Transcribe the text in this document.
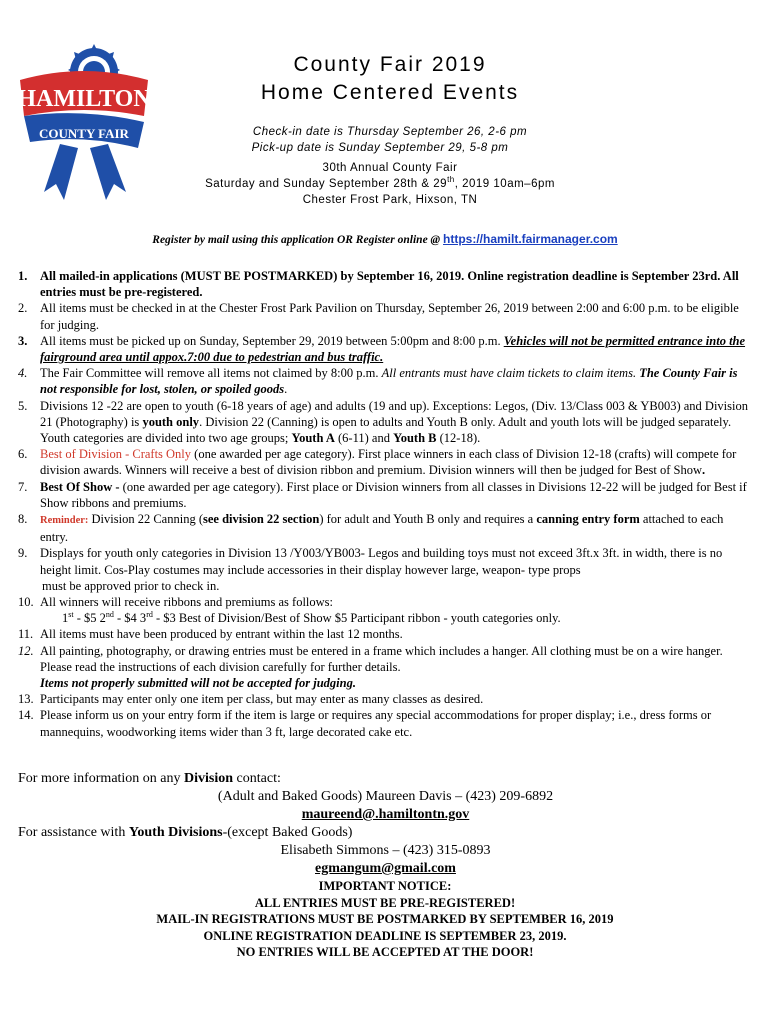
HAMILTON
COUNTY FAIR
County Fair 2019
Home Centered Events
Check-in date is Thursday September 26, 2-6 pm
Pick-up date is Sunday September 29, 5-8 pm
30th Annual County Fair
Saturday and Sunday September 28th & 29th, 2019 10am–6pm
Chester Frost Park, Hixson, TN
Register by mail using this application OR Register online @ https://hamilt.fairmanager.com
1.	All mailed-in applications (MUST BE POSTMARKED) by September 16, 2019. Online registration deadline is September 23rd. All entries must be pre-registered.
2.	All items must be checked in at the Chester Frost Park Pavilion on Thursday, September 26, 2019 between 2:00 and 6:00 p.m. to be eligible for judging.
3.	All items must be picked up on Sunday, September 29, 2019 between 5:00pm and 8:00 p.m. Vehicles will not be permitted entrance into the fairground area until appox.7:00 due to pedestrian and bus traffic.
4.	The Fair Committee will remove all items not claimed by 8:00 p.m. All entrants must have claim tickets to claim items. The County Fair is not responsible for lost, stolen, or spoiled goods.
5.	Divisions 12 -22 are open to youth (6-18 years of age) and adults (19 and up). Exceptions: Legos, (Div. 13/Class 003 & YB003) and Division 21 (Photography) is youth only. Division 22 (Canning) is open to adults and Youth B only. Adult and youth lots will be judged separately. Youth categories are divided into two age groups; Youth A (6-11) and Youth B (12-18).
6.	Best of Division - Crafts Only (one awarded per age category). First place winners in each class of Division 12-18 (crafts) will compete for division awards. Winners will receive a best of division ribbon and premium. Division winners will then be judged for Best of Show.
7.	Best Of Show - (one awarded per age category). First place or Division winners from all classes in Divisions 12-22 will be judged for Best if Show ribbons and premiums.
8.	Reminder: Division 22 Canning (see division 22 section) for adult and Youth B only and requires a canning entry form attached to each entry.
9.	Displays for youth only categories in Division 13 /Y003/YB003- Legos and building toys must not exceed 3ft.x 3ft. in width, there is no height limit. Cos-Play costumes may include accessories in their display however large, weapon- type props
must be approved prior to check in.
10. All winners will receive ribbons and premiums as follows:
1st - $5 2nd - $4 3rd - $3 Best of Division/Best of Show $5 Participant ribbon - youth categories only.
11. All items must have been produced by entrant within the last 12 months.
12. All painting, photography, or drawing entries must be entered in a frame which includes a hanger. All clothing must be on a wire hanger. Please read the instructions of each division carefully for further details.
Items not properly submitted will not be accepted for judging.
13. Participants may enter only one item per class, but may enter as many classes as desired.
14. Please inform us on your entry form if the item is large or requires any special accommodations for proper display; i.e., dress forms or mannequins, woodworking items wider than 3 ft, large decorated cake etc.
For more information on any Division contact:
(Adult and Baked Goods) Maureen Davis – (423) 209-6892
maureend@.hamiltontn.gov
For assistance with Youth Divisions-(except Baked Goods)
Elisabeth Simmons – (423) 315-0893
egmangum@gmail.com
IMPORTANT NOTICE:
ALL ENTRIES MUST BE PRE-REGISTERED!
MAIL-IN REGISTRATIONS MUST BE POSTMARKED BY SEPTEMBER 16, 2019
ONLINE REGISTRATION DEADLINE IS SEPTEMBER 23, 2019.
NO ENTRIES WILL BE ACCEPTED AT THE DOOR!
